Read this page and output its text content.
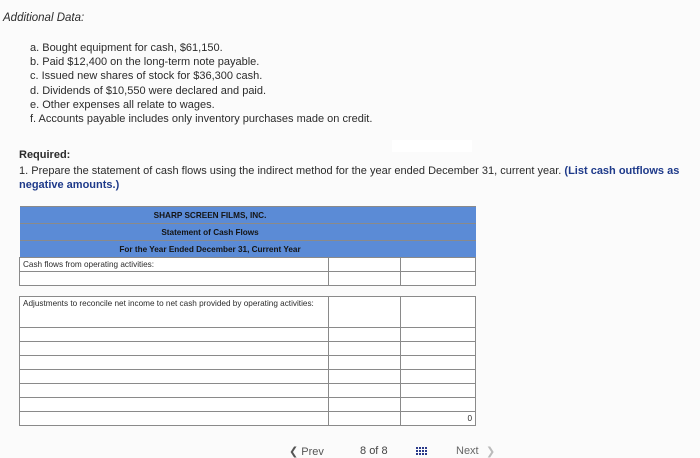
Additional Data:
a. Bought equipment for cash, $61,150.
b. Paid $12,400 on the long-term note payable.
c. Issued new shares of stock for $36,300 cash.
d. Dividends of $10,550 were declared and paid.
e. Other expenses all relate to wages.
f. Accounts payable includes only inventory purchases made on credit.
Required:
1. Prepare the statement of cash flows using the indirect method for the year ended December 31, current year. (List cash outflows as negative amounts.)
SHARP SCREEN FILMS, INC.		
Statement of Cash Flows		
For the Year Ended December 31, Current Year		
Cash flows from operating activities:		

Adjustments to reconcile net income to net cash provided by operating activities:		

		0
❮ Prev	8 of 8	Next ❯
